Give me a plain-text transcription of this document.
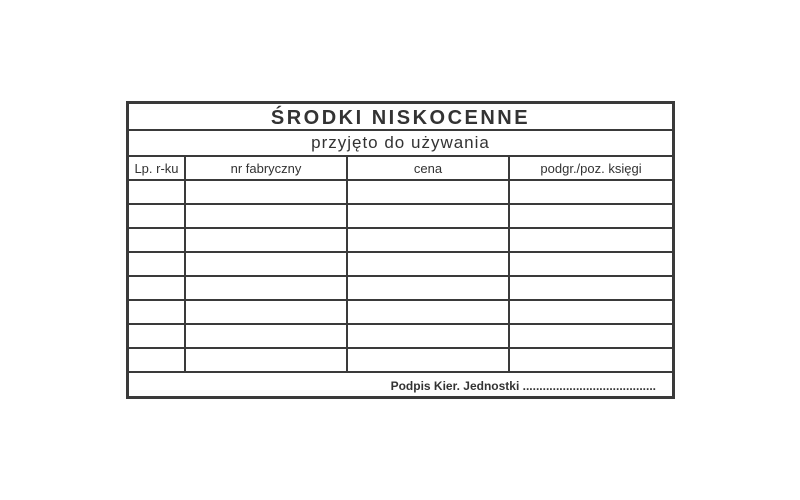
ŚRODKI NISKOCENNE
przyjęto do używania
Lp. r-ku	nr fabryczny	cena	podgr./poz. księgi

Podpis Kier. Jednostki ........................................
